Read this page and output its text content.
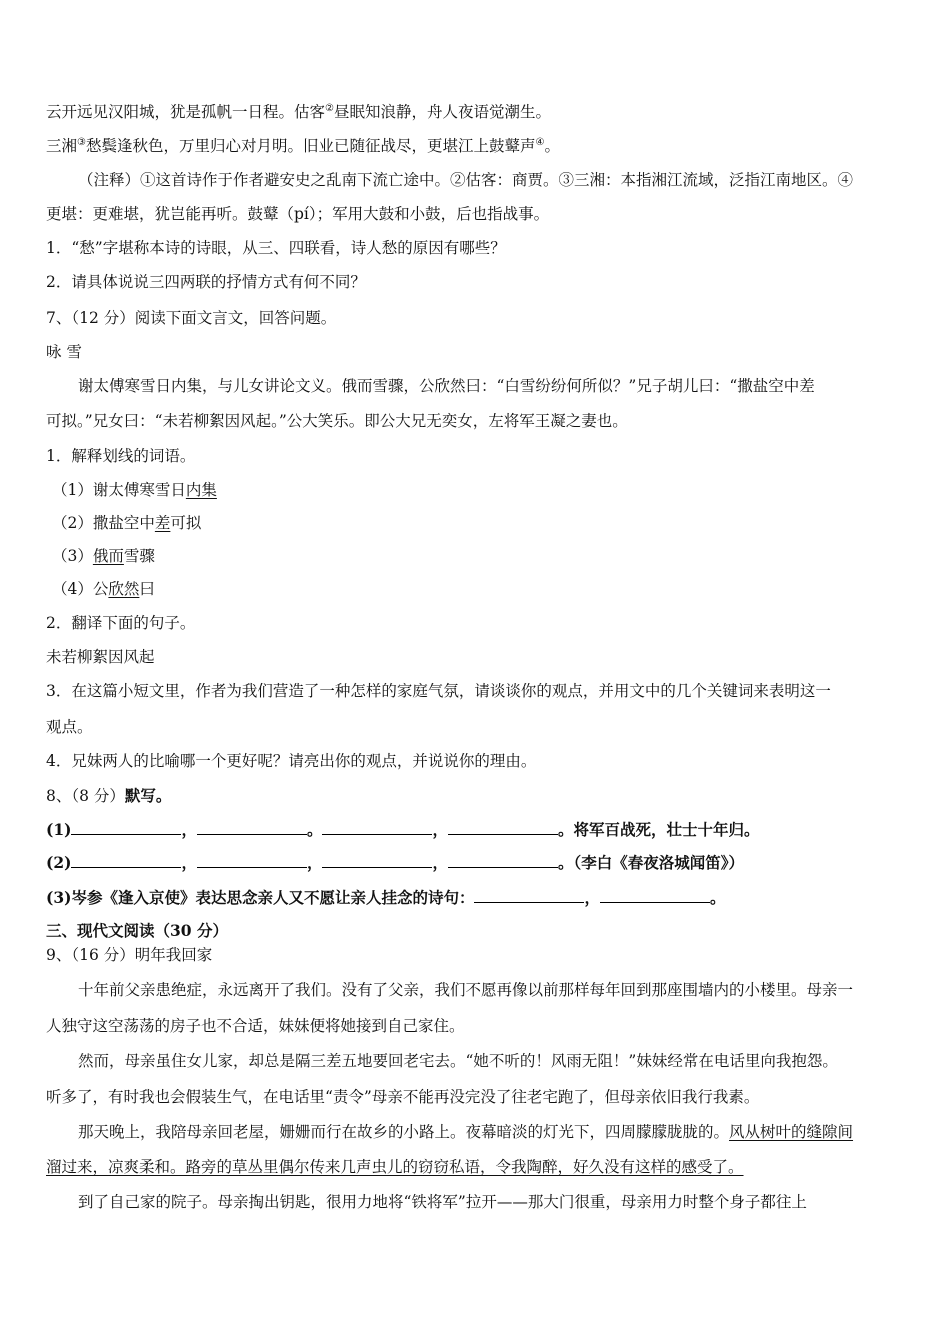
云开远见汉阳城，犹是孤帆一日程。估客②昼眠知浪静，舟人夜语觉潮生。
三湘③愁鬓逢秋色，万里归心对月明。旧业已随征战尽，更堪江上鼓鼙声④。
（注释）①这首诗作于作者避安史之乱南下流亡途中。②估客：商贾。③三湘：本指湘江流域，泛指江南地区。④
更堪：更难堪，犹岂能再听。鼓鼙（pí）；军用大鼓和小鼓，后也指战事。
1．“愁”字堪称本诗的诗眼，从三、四联看，诗人愁的原因有哪些？
2．请具体说说三四两联的抒情方式有何不同？
7、（12 分）阅读下面文言文，回答问题。
咏 雪
谢太傅寒雪日内集，与儿女讲论文义。俄而雪骤，公欣然曰：“白雪纷纷何所似？”兄子胡儿曰：“撒盐空中差
可拟。”兄女曰：“未若柳絮因风起。”公大笑乐。即公大兄无奕女，左将军王凝之妻也。
1．解释划线的词语。
（1）谢太傅寒雪日内集
（2）撒盐空中差可拟
（3）俄而雪骤
（4）公欣然曰
2．翻译下面的句子。
未若柳絮因风起
3．在这篇小短文里，作者为我们营造了一种怎样的家庭气氛，请谈谈你的观点，并用文中的几个关键词来表明这一
观点。
4．兄妹两人的比喻哪一个更好呢？请亮出你的观点，并说说你的理由。
8、（8 分）默写。
(1)	，	。	，	。将军百战死，壮士十年归。
(2)	，	，	，	。（李白《春夜洛城闻笛》）
(3)岑参《逢入京使》表达思念亲人又不愿让亲人挂念的诗句：	，	。
三、现代文阅读（30 分）
9、（16 分）明年我回家
十年前父亲患绝症，永远离开了我们。没有了父亲，我们不愿再像以前那样每年回到那座围墙内的小楼里。母亲一
人独守这空荡荡的房子也不合适，妹妹便将她接到自己家住。
然而，母亲虽住女儿家，却总是隔三差五地要回老宅去。“她不听的！风雨无阻！”妹妹经常在电话里向我抱怨。
听多了，有时我也会假装生气，在电话里“责令”母亲不能再没完没了往老宅跑了，但母亲依旧我行我素。
那天晚上，我陪母亲回老屋，姗姗而行在故乡的小路上。夜幕暗淡的灯光下，四周朦朦胧胧的。风从树叶的缝隙间
溜过来，凉爽柔和。路旁的草丛里偶尔传来几声虫儿的窃窃私语，令我陶醉，好久没有这样的感受了。
到了自己家的院子。母亲掏出钥匙，很用力地将“铁将军”拉开——那大门很重，母亲用力时整个身子都往上
